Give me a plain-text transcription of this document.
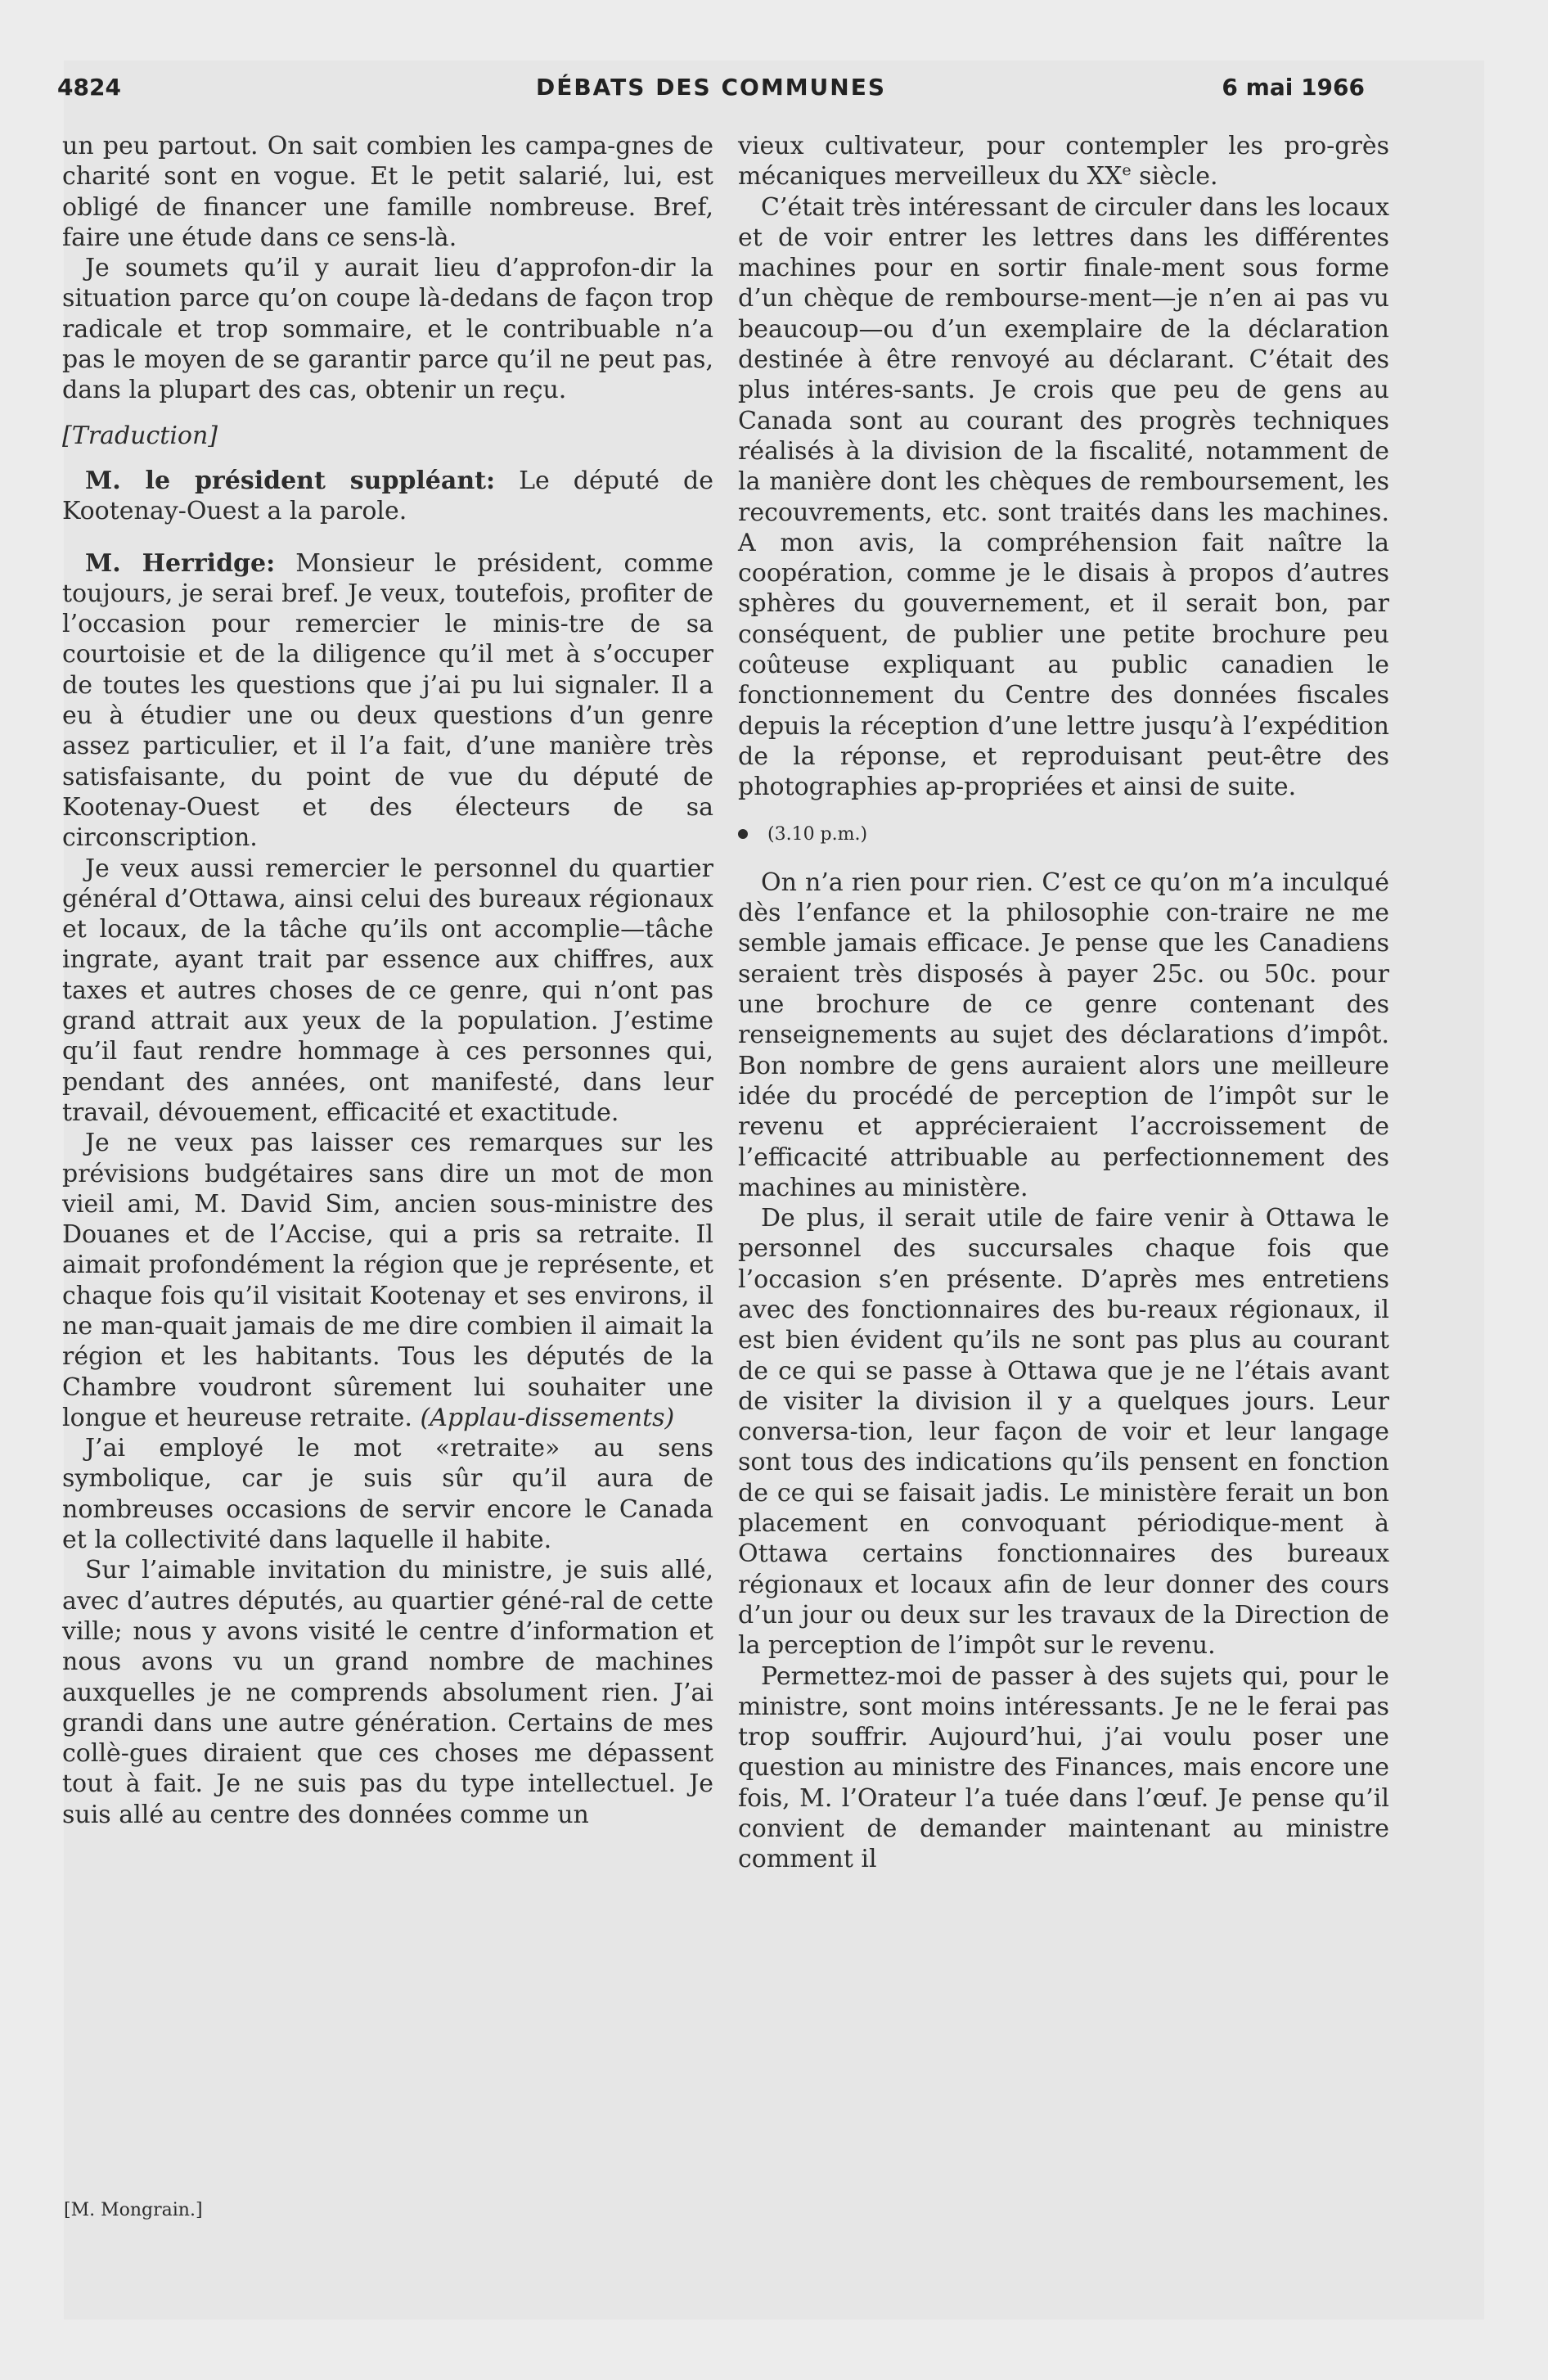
4824	DÉBATS DES COMMUNES	6 mai 1966

un peu partout. On sait combien les campa-gnes de charité sont en vogue. Et le petit salarié, lui, est obligé de financer une famille nombreuse. Bref, faire une étude dans ce sens-là.

Je soumets qu’il y aurait lieu d’approfon-dir la situation parce qu’on coupe là-dedans de façon trop radicale et trop sommaire, et le contribuable n’a pas le moyen de se garantir parce qu’il ne peut pas, dans la plupart des cas, obtenir un reçu.

[Traduction]

M. le président suppléant: Le député de Kootenay-Ouest a la parole.

M. Herridge: Monsieur le président, comme toujours, je serai bref. Je veux, toutefois, profiter de l’occasion pour remercier le minis-tre de sa courtoisie et de la diligence qu’il met à s’occuper de toutes les questions que j’ai pu lui signaler. Il a eu à étudier une ou deux questions d’un genre assez particulier, et il l’a fait, d’une manière très satisfaisante, du point de vue du député de Kootenay-Ouest et des électeurs de sa circonscription.

Je veux aussi remercier le personnel du quartier général d’Ottawa, ainsi celui des bureaux régionaux et locaux, de la tâche qu’ils ont accomplie—tâche ingrate, ayant trait par essence aux chiffres, aux taxes et autres choses de ce genre, qui n’ont pas grand attrait aux yeux de la population. J’estime qu’il faut rendre hommage à ces personnes qui, pendant des années, ont manifesté, dans leur travail, dévouement, efficacité et exactitude.

Je ne veux pas laisser ces remarques sur les prévisions budgétaires sans dire un mot de mon vieil ami, M. David Sim, ancien sous-ministre des Douanes et de l’Accise, qui a pris sa retraite. Il aimait profondément la région que je représente, et chaque fois qu’il visitait Kootenay et ses environs, il ne man-quait jamais de me dire combien il aimait la région et les habitants. Tous les députés de la Chambre voudront sûrement lui souhaiter une longue et heureuse retraite. (Applau-dissements)

J’ai employé le mot «retraite» au sens symbolique, car je suis sûr qu’il aura de nombreuses occasions de servir encore le Canada et la collectivité dans laquelle il habite.

Sur l’aimable invitation du ministre, je suis allé, avec d’autres députés, au quartier géné-ral de cette ville; nous y avons visité le centre d’information et nous avons vu un grand nombre de machines auxquelles je ne comprends absolument rien. J’ai grandi dans une autre génération. Certains de mes collè-gues diraient que ces choses me dépassent tout à fait. Je ne suis pas du type intellectuel. Je suis allé au centre des données comme un

vieux cultivateur, pour contempler les pro-grès mécaniques merveilleux du XXe siècle.

C’était très intéressant de circuler dans les locaux et de voir entrer les lettres dans les différentes machines pour en sortir finale-ment sous forme d’un chèque de rembourse-ment—je n’en ai pas vu beaucoup—ou d’un exemplaire de la déclaration destinée à être renvoyé au déclarant. C’était des plus intéres-sants. Je crois que peu de gens au Canada sont au courant des progrès techniques réalisés à la division de la fiscalité, notamment de la manière dont les chèques de remboursement, les recouvrements, etc. sont traités dans les machines. A mon avis, la compréhension fait naître la coopération, comme je le disais à propos d’autres sphères du gouvernement, et il serait bon, par conséquent, de publier une petite brochure peu coûteuse expliquant au public canadien le fonctionnement du Centre des données fiscales depuis la réception d’une lettre jusqu’à l’expédition de la réponse, et reproduisant peut-être des photographies ap-propriées et ainsi de suite.

(3.10 p.m.)

On n’a rien pour rien. C’est ce qu’on m’a inculqué dès l’enfance et la philosophie con-traire ne me semble jamais efficace. Je pense que les Canadiens seraient très disposés à payer 25c. ou 50c. pour une brochure de ce genre contenant des renseignements au sujet des déclarations d’impôt. Bon nombre de gens auraient alors une meilleure idée du procédé de perception de l’impôt sur le revenu et apprécieraient l’accroissement de l’efficacité attribuable au perfectionnement des machines au ministère.

De plus, il serait utile de faire venir à Ottawa le personnel des succursales chaque fois que l’occasion s’en présente. D’après mes entretiens avec des fonctionnaires des bu-reaux régionaux, il est bien évident qu’ils ne sont pas plus au courant de ce qui se passe à Ottawa que je ne l’étais avant de visiter la division il y a quelques jours. Leur conversa-tion, leur façon de voir et leur langage sont tous des indications qu’ils pensent en fonction de ce qui se faisait jadis. Le ministère ferait un bon placement en convoquant périodique-ment à Ottawa certains fonctionnaires des bureaux régionaux et locaux afin de leur donner des cours d’un jour ou deux sur les travaux de la Direction de la perception de l’impôt sur le revenu.

Permettez-moi de passer à des sujets qui, pour le ministre, sont moins intéressants. Je ne le ferai pas trop souffrir. Aujourd’hui, j’ai voulu poser une question au ministre des Finances, mais encore une fois, M. l’Orateur l’a tuée dans l’œuf. Je pense qu’il convient de demander maintenant au ministre comment il

[M. Mongrain.]
